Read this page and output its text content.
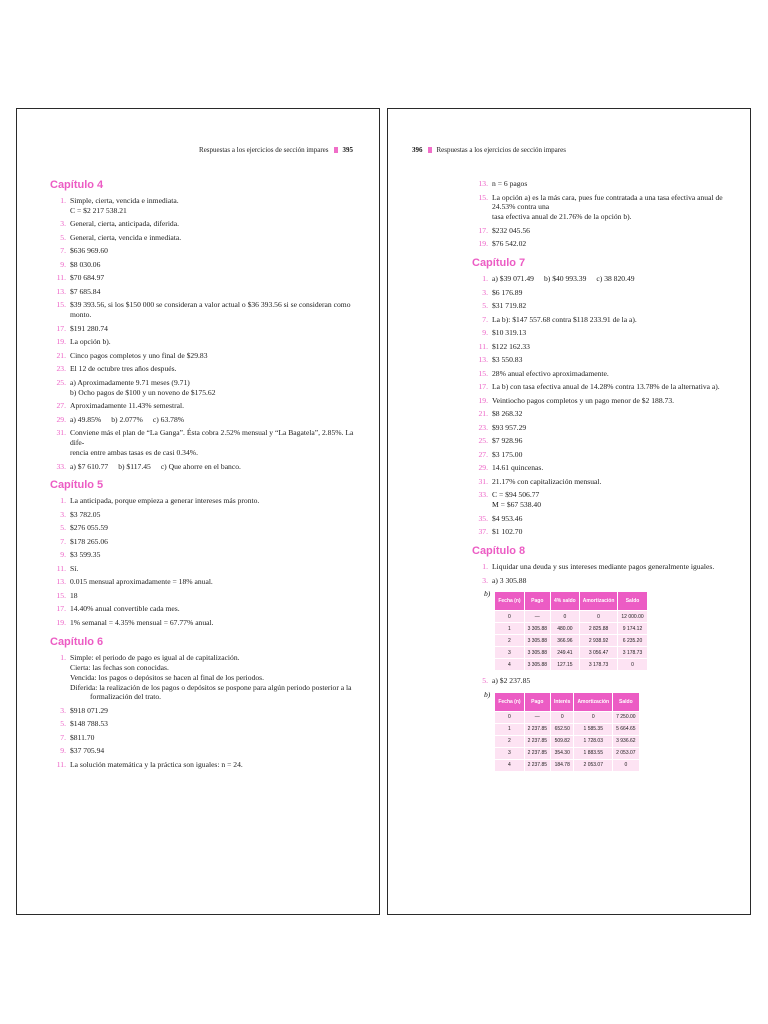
Respuestas a los ejercicios de sección impares 395
Capítulo 4
1. Simple, cierta, vencida e inmediata.
C = $2 217 538.21
3. General, cierta, anticipada, diferida.
5. General, cierta, vencida e inmediata.
7. $636 969.60
9. $8 030.06
11. $70 684.97
13. $7 685.84
15. $39 393.56, si los $150 000 se consideran a valor actual o $36 393.56 si se consideran como monto.
17. $191 280.74
19. La opción b).
21. Cinco pagos completos y uno final de $29.83
23. El 12 de octubre tres años después.
25. a) Aproximadamente 9.71 meses (9.71)
b) Ocho pagos de $100 y un noveno de $175.62
27. Aproximadamente 11.43% semestral.
29. a) 49.85% b) 2.077% c) 63.78%
31. Conviene más el plan de “La Ganga”. Ésta cobra 2.52% mensual y “La Bagatela”, 2.85%. La dife-
rencia entre ambas tasas es de casi 0.34%.
33. a) $7 610.77 b) $117.45 c) Que ahorre en el banco.
Capítulo 5
1. La anticipada, porque empieza a generar intereses más pronto.
3. $3 782.05
5. $276 055.59
7. $178 265.06
9. $3 599.35
11. Sí.
13. 0.015 mensual aproximadamente = 18% anual.
15. 18
17. 14.40% anual convertible cada mes.
19. 1% semanal = 4.35% mensual = 67.77% anual.
Capítulo 6
1. Simple: el periodo de pago es igual al de capitalización.
Cierta: las fechas son conocidas.
Vencida: los pagos o depósitos se hacen al final de los periodos.
Diferida: la realización de los pagos o depósitos se pospone para algún periodo posterior a la
formalización del trato.
3. $918 071.29
5. $148 788.53
7. $811.70
9. $37 705.94
11. La solución matemática y la práctica son iguales: n = 24.
396 Respuestas a los ejercicios de sección impares
13. n = 6 pagos
15. La opción a) es la más cara, pues fue contratada a una tasa efectiva anual de 24.53% contra una
tasa efectiva anual de 21.76% de la opción b).
17. $232 045.56
19. $76 542.02
Capítulo 7
1. a) $39 071.49 b) $40 993.39 c) 38 820.49
3. $6 176.89
5. $31 719.82
7. La b): $147 557.68 contra $118 233.91 de la a).
9. $10 319.13
11. $122 162.33
13. $3 550.83
15. 28% anual efectivo aproximadamente.
17. La b) con tasa efectiva anual de 14.28% contra 13.78% de la alternativa a).
19. Veintiocho pagos completos y un pago menor de $2 188.73.
21. $8 268.32
23. $93 957.29
25. $7 928.96
27. $3 175.00
29. 14.61 quincenas.
31. 21.17% con capitalización mensual.
33. C = $94 506.77
M = $67 538.40
35. $4 953.46
37. $1 102.70
Capítulo 8
1. Liquidar una deuda y sus intereses mediante pagos generalmente iguales.
3. a) 3 305.88
b)
Fecha (n)	Pago	4% saldo	Amortización	Saldo
0	—	0	0	12 000.00
1	3 305.88	480.00	2 825.88	9 174.12
2	3 305.88	366.96	2 938.92	6 235.20
3	3 305.88	249.41	3 056.47	3 178.73
4	3 305.88	127.15	3 178.73	0
5. a) $2 237.85
b)
Fecha (n)	Pago	Interés	Amortización	Saldo
0	—	0	0	7 250.00
1	2 237.85	652.50	1 585.35	5 664.65
2	2 237.85	509.82	1 728.03	3 936.62
3	2 237.85	354.30	1 883.55	2 053.07
4	2 237.85	184.78	2 053.07	0
